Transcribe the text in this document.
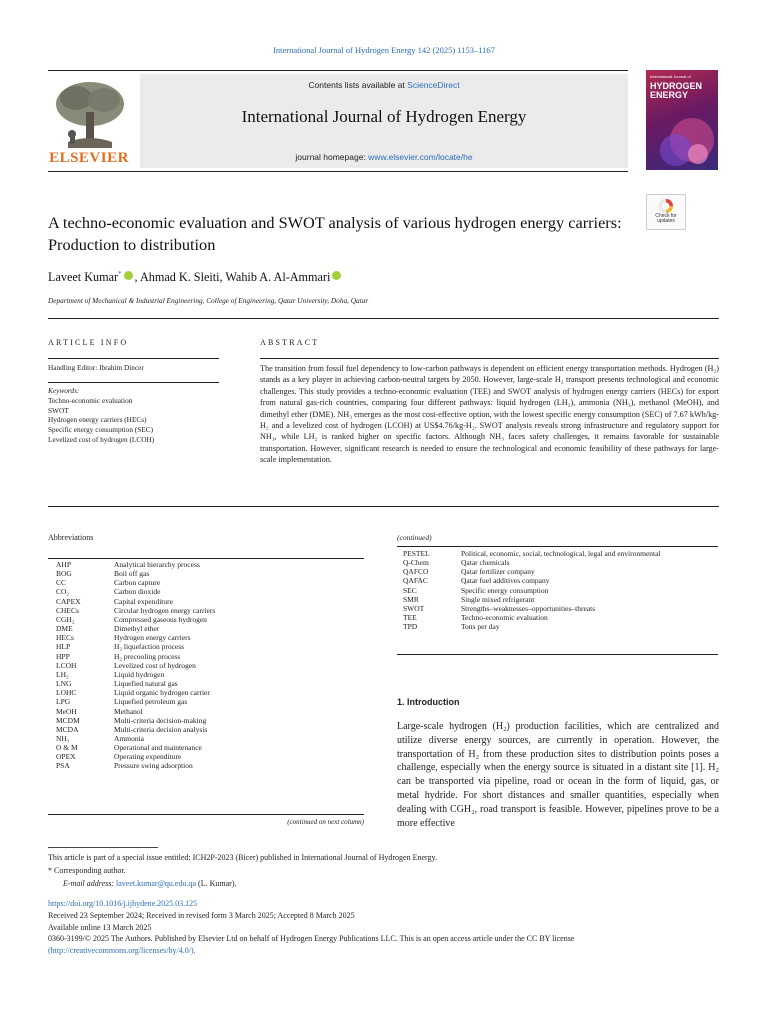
International Journal of Hydrogen Energy 142 (2025) 1153–1167
ELSEVIER
Contents lists available at ScienceDirect
International Journal of Hydrogen Energy
journal homepage: www.elsevier.com/locate/he
International Journal of
HYDROGEN ENERGY
Check for updates
A techno-economic evaluation and SWOT analysis of various hydrogen energy carriers: Production to distribution
Laveet Kumar* , Ahmad K. Sleiti, Wahib A. Al-Ammari
Department of Mechanical & Industrial Engineering, College of Engineering, Qatar University, Doha, Qatar
ARTICLE INFO
Handling Editor: Ibrahim Dincer
Keywords:
Techno-economic evaluation
SWOT
Hydrogen energy carriers (HECs)
Specific energy consumption (SEC)
Levelized cost of hydrogen (LCOH)
ABSTRACT
The transition from fossil fuel dependency to low-carbon pathways is dependent on efficient energy transportation methods. Hydrogen (H₂) stands as a key player in achieving carbon-neutral targets by 2050. However, large-scale H₂ transport presents technological and economic challenges. This study provides a techno-economic evaluation (TEE) and SWOT analysis of hydrogen energy carriers (HECs) for export from natural gas-rich countries, comparing four different pathways: liquid hydrogen (LH₂), ammonia (NH₃), methanol (MeOH), and dimethyl ether (DME). NH₃ emerges as the most cost-effective option, with the lowest specific energy consumption (SEC) of 7.67 kWh/kg-H₂ and a levelized cost of hydrogen (LCOH) at US$4.76/kg-H₂. SWOT analysis reveals strong infrastructure and regulatory support for NH₃, while LH₂ is ranked higher on specific factors. Although NH₃ faces safety challenges, it remains favorable for sustainable transportation. However, significant research is needed to ensure the technological and economic feasibility of these pathways for large-scale implementation.
Abbreviations
AHP	Analytical hierarchy process
BOG	Boil off gas
CC	Carbon capture
CO₂	Carbon dioxide
CAPEX	Capital expenditure
CHECs	Circular hydrogen energy carriers
CGH₂	Compressed gaseous hydrogen
DME	Dimethyl ether
HECs	Hydrogen energy carriers
HLP	H₂ liquefaction process
HPP	H₂ precooling process
LCOH	Levelized cost of hydrogen
LH₂	Liquid hydrogen
LNG	Liquefied natural gas
LOHC	Liquid organic hydrogen carrier
LPG	Liquefied petroleum gas
MeOH	Methanol
MCDM	Multi-criteria decision-making
MCDA	Multi-criteria decision analysis
NH₃	Ammonia
O & M	Operational and maintenance
OPEX	Operating expenditure
PSA	Pressure swing adsorption
(continued on next column)
(continued)
PESTEL	Political, economic, social, technological, legal and environmental
Q-Chem	Qatar chemicals
QAFCO	Qatar fertilizer company
QAFAC	Qatar fuel additives company
SEC	Specific energy consumption
SMR	Single mixed refrigerant
SWOT	Strengths–weaknesses–opportunities–threats
TEE	Techno-economic evaluation
TPD	Tons per day
1. Introduction
Large-scale hydrogen (H₂) production facilities, which are centralized and utilize diverse energy sources, are currently in operation. However, the transportation of H₂ from these production sites to distribution points poses a challenge, especially when the energy source is situated in a distant site [1]. H₂ can be transported via pipeline, road or ocean in the form of liquid, gas, or metal hydride. For short distances and smaller quantities, especially when dealing with CGH₂, road transport is feasible. However, pipelines prove to be a more effective
This article is part of a special issue entitled: ICH2P-2023 (Bicer) published in International Journal of Hydrogen Energy.
* Corresponding author.
E-mail address: laveet.kumar@qu.edu.qa (L. Kumar).
https://doi.org/10.1016/j.ijhydene.2025.03.125
Received 23 September 2024; Received in revised form 3 March 2025; Accepted 8 March 2025
Available online 13 March 2025
0360-3199/© 2025 The Authors. Published by Elsevier Ltd on behalf of Hydrogen Energy Publications LLC. This is an open access article under the CC BY license
(http://creativecommons.org/licenses/by/4.0/).
